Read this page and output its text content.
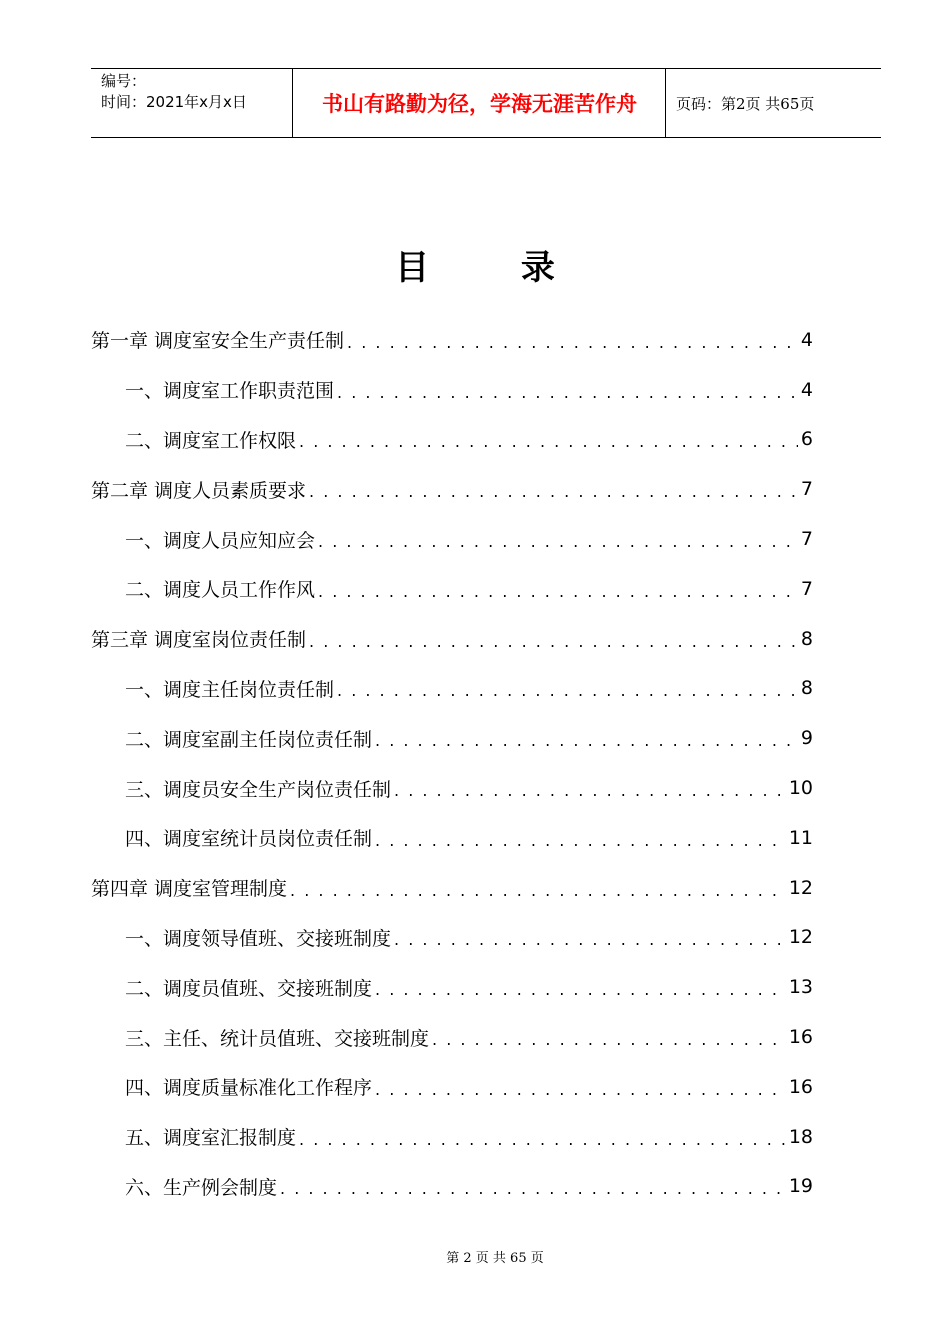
编号：
时间：2021年x月x日	书山有路勤为径，学海无涯苦作舟	页码：第2页 共65页
目 录
第一章 调度室安全生产责任制 . . .	4
一、调度室工作职责范围 . . .	4
二、调度室工作权限 . . .	6
第二章 调度人员素质要求 . . .	7
一、调度人员应知应会 . . .	7
二、调度人员工作作风 . . .	7
第三章 调度室岗位责任制 . . .	8
一、调度主任岗位责任制 . . .	8
二、调度室副主任岗位责任制 . . .	9
三、调度员安全生产岗位责任制 . . .	10
四、调度室统计员岗位责任制 . . .	11
第四章 调度室管理制度 . . .	12
一、调度领导值班、交接班制度 . . .	12
二、调度员值班、交接班制度 . . .	13
三、主任、统计员值班、交接班制度 . . .	16
四、调度质量标准化工作程序 . . .	16
五、调度室汇报制度 . . .	18
六、生产例会制度 . . .	19
第 2 页 共 65 页
